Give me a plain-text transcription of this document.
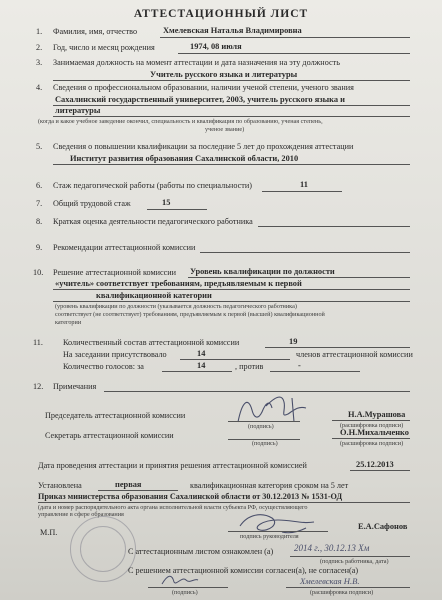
АТТЕСТАЦИОННЫЙ ЛИСТ
1. Фамилия, имя, отчество	Хмелевская Наталья Владимировна
2. Год, число и месяц рождения	1974, 08 июля
3. Занимаемая должность на момент аттестации и дата назначения на эту должность
Учитель русского языка и литературы
4. Сведения о профессиональном образовании, наличии ученой степени, ученого звания
Сахалинский государственный университет, 2003, учитель русского языка и
литературы
(когда и какое учебное заведение окончил, специальность и квалификация по образованию, ученая степень,
ученое звание)
5. Сведения о повышении квалификации за последние 5 лет до прохождения аттестации
Институт развития образования Сахалинской области, 2010
6. Стаж педагогической работы (работы по специальности)	11
7. Общий трудовой стаж	15
8. Краткая оценка деятельности педагогического работника
9. Рекомендации аттестационной комиссии
10. Решение аттестационной комиссии Уровень квалификации по должности
«учитель» соответствует требованиям, предъявляемым к первой
квалификационной категории
(уровень квалификации по должности (указывается должность педагогического работника)
соответствует (не соответствует) требованиям, предъявляемым к первой (высшей) квалификационной
категории
11. Количественный состав аттестационной комиссии	19
На заседании присутствовало	14	членов аттестационной комиссии
Количество голосов: за	14	, против	-
12. Примечания
Председатель аттестационной комиссии
(подпись)
Н.А.Мурашова
(расшифровка подписи)
Секретарь аттестационной комиссии
(подпись)
О.Н.Михальченко
(расшифровка подписи)
Дата проведения аттестации и принятия решения аттестационной комиссией	25.12.2013
Установлена	первая	квалификационная категория сроком на 5 лет
Приказ министерства образования Сахалинской области от 30.12.2013 № 1531-ОД
(дата и номер распорядительного акта органа исполнительной власти субъекта РФ, осуществляющего
управление в сфере образования
М.П.	подпись руководителя
Е.А.Сафонов
С аттестационным листом ознакомлен (а) 2014 г., 30.12.13 Хм
(подпись работника, дата)
С решением аттестационной комиссии согласен(а), не согласен(а)
Хмелевская Н.В.
(подпись)	(расшифровка подписи)
